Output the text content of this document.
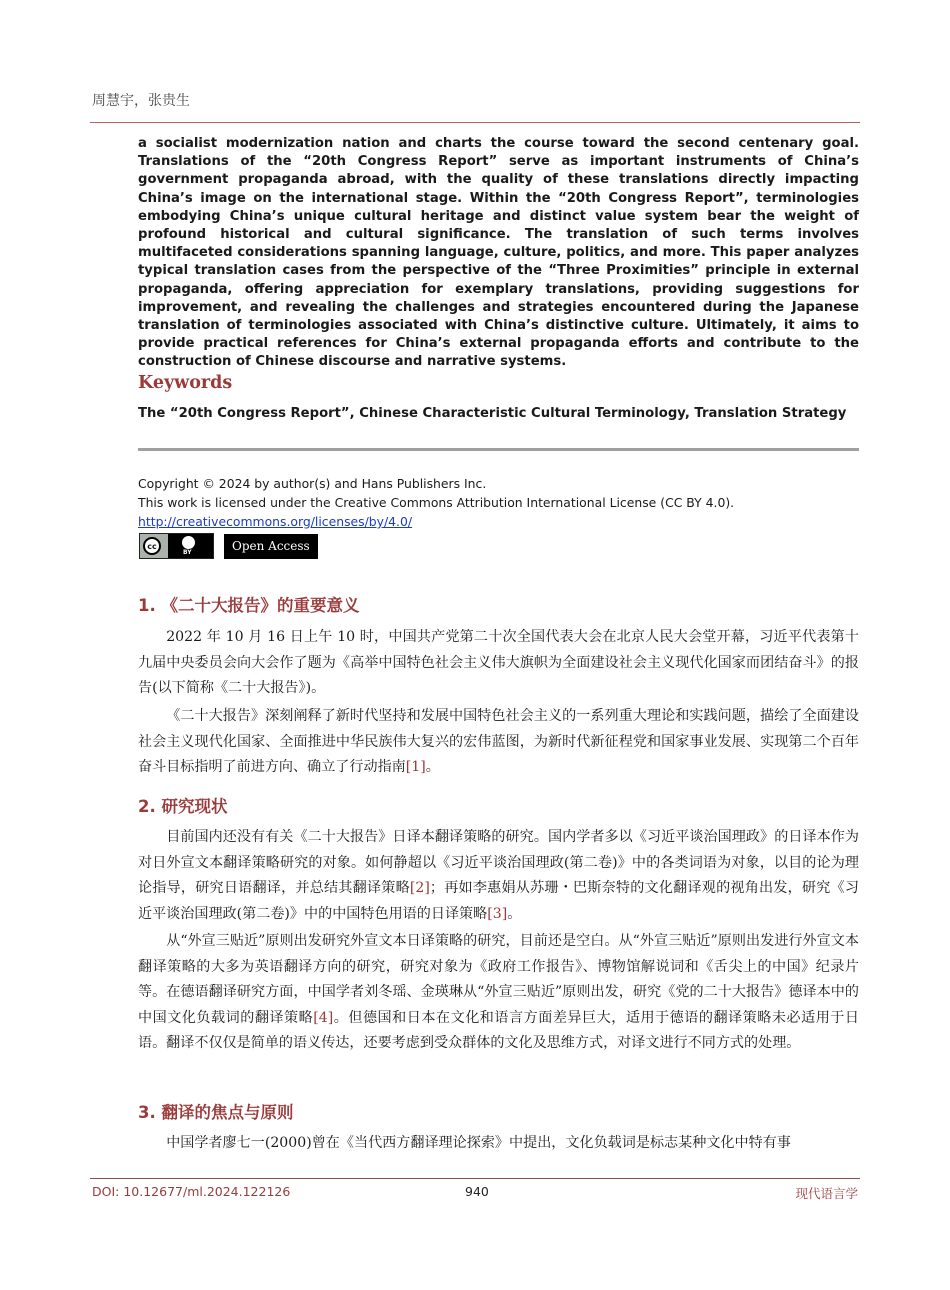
周慧宇，张贵生

a socialist modernization nation and charts the course toward the second centenary goal. Translations of the “20th Congress Report” serve as important instruments of China’s government propaganda abroad, with the quality of these translations directly impacting China’s image on the international stage. Within the “20th Congress Report”, terminologies embodying China’s unique cultural heritage and distinct value system bear the weight of profound historical and cultural significance. The translation of such terms involves multifaceted considerations spanning language, culture, politics, and more. This paper analyzes typical translation cases from the perspective of the “Three Proximities” principle in external propaganda, offering appreciation for exemplary translations, providing suggestions for improvement, and revealing the challenges and strategies encountered during the Japanese translation of terminologies associated with China’s distinctive culture. Ultimately, it aims to provide practical references for China’s external propaganda efforts and contribute to the construction of Chinese discourse and narrative systems.

Keywords
The “20th Congress Report”, Chinese Characteristic Cultural Terminology, Translation Strategy
Copyright © 2024 by author(s) and Hans Publishers Inc.
This work is licensed under the Creative Commons Attribution International License (CC BY 4.0).
http://creativecommons.org/licenses/by/4.0/
cc
BY	Open Access
1. 《二十大报告》的重要意义

2022 年 10 月 16 日上午 10 时，中国共产党第二十次全国代表大会在北京人民大会堂开幕，习近平代表第十九届中央委员会向大会作了题为《高举中国特色社会主义伟大旗帜为全面建设社会主义现代化国家而团结奋斗》的报告(以下简称《二十大报告》)。

《二十大报告》深刻阐释了新时代坚持和发展中国特色社会主义的一系列重大理论和实践问题，描绘了全面建设社会主义现代化国家、全面推进中华民族伟大复兴的宏伟蓝图，为新时代新征程党和国家事业发展、实现第二个百年奋斗目标指明了前进方向、确立了行动指南[1]。

2. 研究现状

目前国内还没有有关《二十大报告》日译本翻译策略的研究。国内学者多以《习近平谈治国理政》的日译本作为对日外宣文本翻译策略研究的对象。如何静超以《习近平谈治国理政(第二卷)》中的各类词语为对象，以目的论为理论指导，研究日语翻译，并总结其翻译策略[2]；再如李惠娟从苏珊・巴斯奈特的文化翻译观的视角出发，研究《习近平谈治国理政(第二卷)》中的中国特色用语的日译策略[3]。

从“外宣三贴近”原则出发研究外宣文本日译策略的研究，目前还是空白。从“外宣三贴近”原则出发进行外宣文本翻译策略的大多为英语翻译方向的研究，研究对象为《政府工作报告》、博物馆解说词和《舌尖上的中国》纪录片等。在德语翻译研究方面，中国学者刘冬瑶、金瑛琳从“外宣三贴近”原则出发，研究《党的二十大报告》德译本中的中国文化负载词的翻译策略[4]。但德国和日本在文化和语言方面差异巨大，适用于德语的翻译策略未必适用于日语。翻译不仅仅是简单的语义传达，还要考虑到受众群体的文化及思维方式，对译文进行不同方式的处理。

3. 翻译的焦点与原则

中国学者廖七一(2000)曾在《当代西方翻译理论探索》中提出，文化负载词是标志某种文化中特有事

DOI: 10.12677/ml.2024.122126	940	现代语言学
